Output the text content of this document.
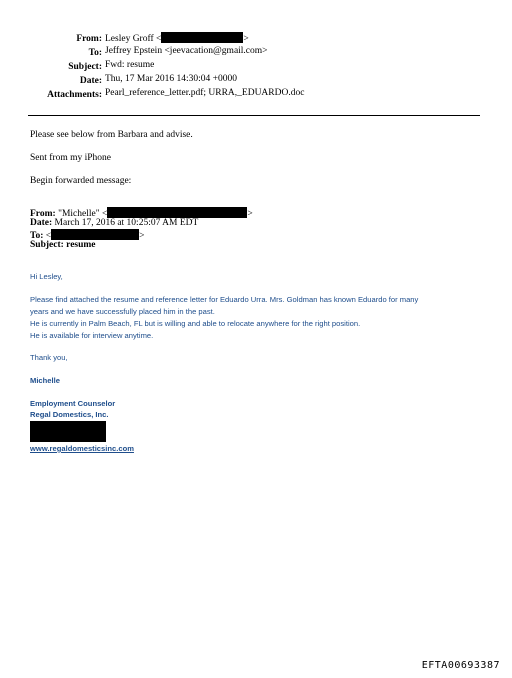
From: Lesley Groff <	>
To: Jeffrey Epstein <jeevacation@gmail.com>
Subject: Fwd: resume
Date: Thu, 17 Mar 2016 14:30:04 +0000
Attachments: Pearl_reference_letter.pdf; URRA,_EDUARDO.doc
Please see below from Barbara and advise.
Sent from my iPhone
Begin forwarded message:
From: "Michelle" <	>
Date: March 17, 2016 at 10:25:07 AM EDT
To: <	>
Subject: resume
Hi Lesley,
Please find attached the resume and reference letter for Eduardo Urra. Mrs. Goldman has known Eduardo for many
years and we have successfully placed him in the past.
He is currently in Palm Beach, FL but is willing and able to relocate anywhere for the right position.
He is available for interview anytime.
Thank you,
Michelle
Employment Counselor
Regal Domestics, Inc.
www.regaldomesticsinc.com
EFTA00693387
